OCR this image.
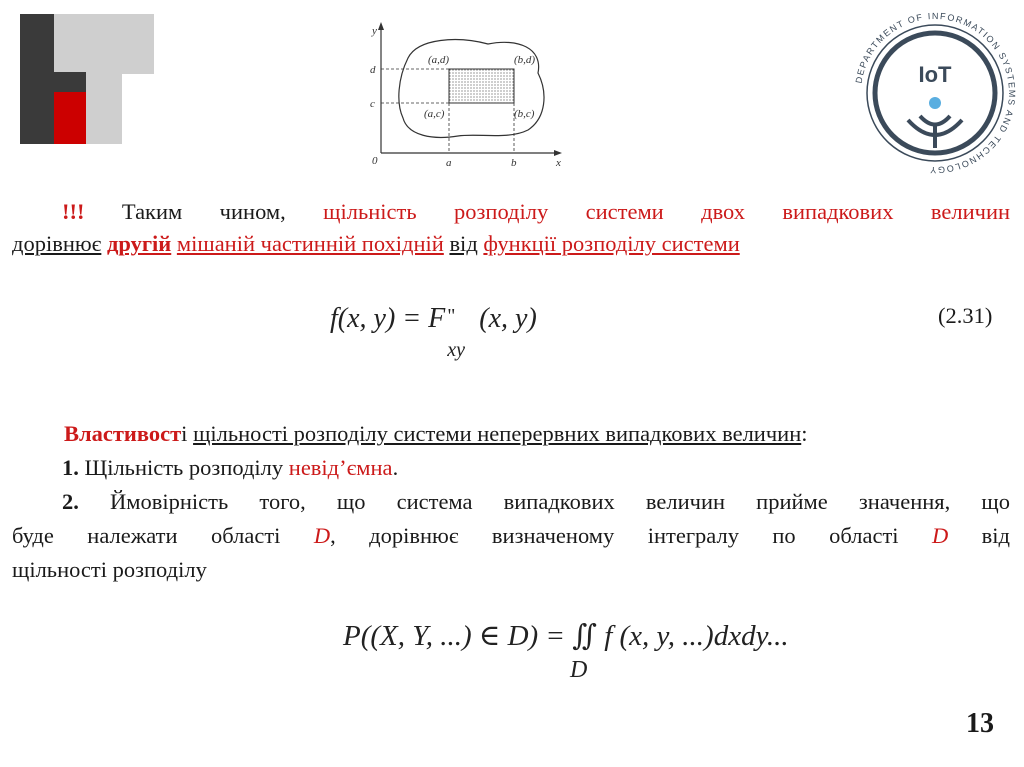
y
x
0	a	b
c
d
(a,d)	(b,d)
(a,c)	(b,c)
DEPARTMENT OF INFORMATION SYSTEMS AND TECHNOLOGY
IoT
!!! Таким чином, щільність розподілу системи двох випадкових величин
дорівнює другій мішаній частинній похідній від функції розподілу системи
f(x, y) = F "
xy
(x, y)	(2.31)
Властивості щільності розподілу системи неперервних випадкових величин:
1. Щільність розподілу невід’ємна.
2. Ймовірність того, що система випадкових величин прийме значення, що
буде належати області D, дорівнює визначеному інтегралу по області D від
щільності розподілу
P((X, Y, ...) ∈ D) = ∬ f (x, y, ...)dxdy...
D
13
